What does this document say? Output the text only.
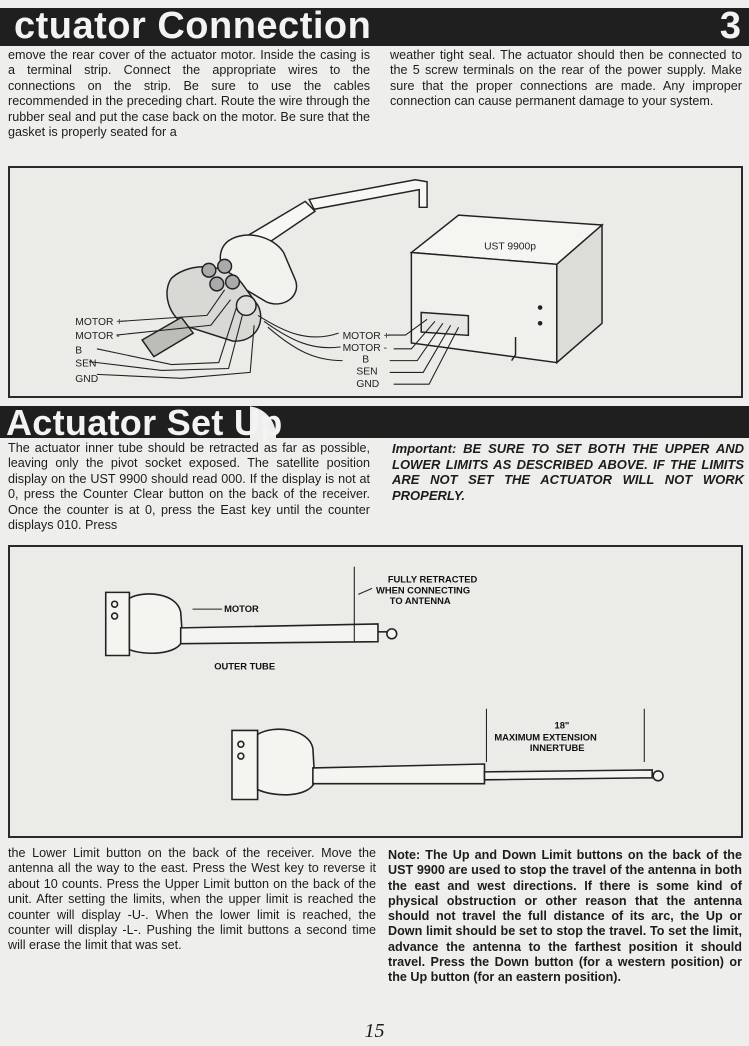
ctuator Connection	3

emove the rear cover of the actuator motor. Inside the casing is a terminal strip. Connect the appropriate wires to the connections on the strip. Be sure to use the cables recommended in the preceding chart. Route the wire through the rubber seal and put the case back on the motor. Be sure that the gasket is properly seated for a

weather tight seal. The actuator should then be connected to the 5 screw terminals on the rear of the power supply. Make sure that the proper connections are made. Any improper connection can cause permanent damage to your system.

MOTOR +
MOTOR -
B
SEN
GND
UST 9900p
MOTOR +
MOTOR -
B
SEN
GND
Actuator Set Up

The actuator inner tube should be retracted as far as possible, leaving only the pivot socket exposed. The satellite position display on the UST 9900 should read 000. If the display is not at 0, press the Counter Clear button on the back of the receiver. Once the counter is at 0, press the East key until the counter displays 010. Press

Important: BE SURE TO SET BOTH THE UPPER AND LOWER LIMITS AS DESCRIBED ABOVE. IF THE LIMITS ARE NOT SET THE ACTUATOR WILL NOT WORK PROPERLY.

MOTOR
OUTER TUBE
FULLY RETRACTED
WHEN CONNECTING
TO ANTENNA
18"
MAXIMUM EXTENSION
INNERTUBE

the Lower Limit button on the back of the receiver. Move the antenna all the way to the east. Press the West key to reverse it about 10 counts. Press the Upper Limit button on the back of the unit. After setting the limits, when the upper limit is reached the counter will display -U-. When the lower limit is reached, the counter will display -L-. Pushing the limit buttons a second time will erase the limit that was set.

Note: The Up and Down Limit buttons on the back of the UST 9900 are used to stop the travel of the antenna in both the east and west directions. If there is some kind of physical obstruction or other reason that the antenna should not travel the full distance of its arc, the Up or Down limit should be set to stop the travel. To set the limit, advance the antenna to the farthest position it should travel. Press the Down button (for a western position) or the Up button (for an eastern position).

15
